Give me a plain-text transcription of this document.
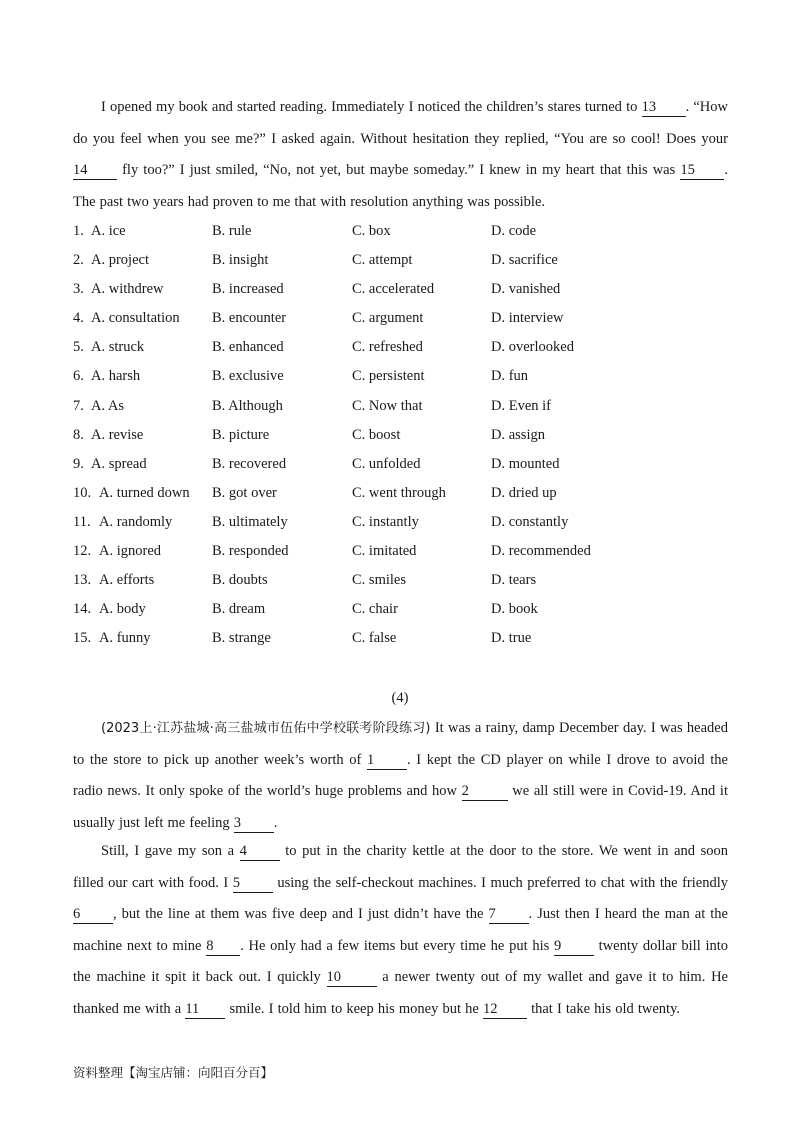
I opened my book and started reading. Immediately I noticed the children’s stares turned to 13 . “How do you feel when you see me?” I asked again. Without hesitation they replied, “You are so cool! Does your 14 fly too?” I just smiled, “No, not yet, but maybe someday.” I knew in my heart that this was 15 . The past two years had proven to me that with resolution anything was possible.
1. A. ice	B. rule	C. box	D. code
2. A. project	B. insight	C. attempt	D. sacrifice
3. A. withdrew	B. increased	C. accelerated	D. vanished
4. A. consultation B. encounter	C. argument	D. interview
5. A. struck	B. enhanced	C. refreshed	D. overlooked
6. A. harsh	B. exclusive	C. persistent	D. fun
7. A. As	B. Although	C. Now that	D. Even if
8. A. revise	B. picture	C. boost	D. assign
9. A. spread	B. recovered	C. unfolded	D. mounted
10. A. turned down B. got over	C. went through	D. dried up
11. A. randomly	B. ultimately	C. instantly	D. constantly
12. A. ignored	B. responded	C. imitated	D. recommended
13. A. efforts	B. doubts	C. smiles	D. tears
14. A. body	B. dream	C. chair	D. book
15. A. funny	B. strange	C. false	D. true
(4)
(2023上·江苏盐城·高三盐城市伍佑中学校联考阶段练习) It was a rainy, damp December day. I was headed to the store to pick up another week’s worth of 1 . I kept the CD player on while I drove to avoid the radio news. It only spoke of the world’s huge problems and how 2	we all still were in Covid-19. And it usually just left me feeling 3 .
Still, I gave my son a 4 to put in the charity kettle at the door to the store. We went in and soon filled our cart with food. I 5 using the self-checkout machines. I much preferred to chat with the friendly 6 , but the line at them was five deep and I just didn’t have the 7 . Just then I heard the man at the machine next to mine 8 . He only had a few items but every time he put his 9 twenty dollar bill into the machine it spit it back out. I quickly 10 a newer twenty out of my wallet and gave it to him. He thanked me with a 11 smile. I told him to keep his money but he 12 that I take his old twenty.
资料整理【淘宝店铺：向阳百分百】
